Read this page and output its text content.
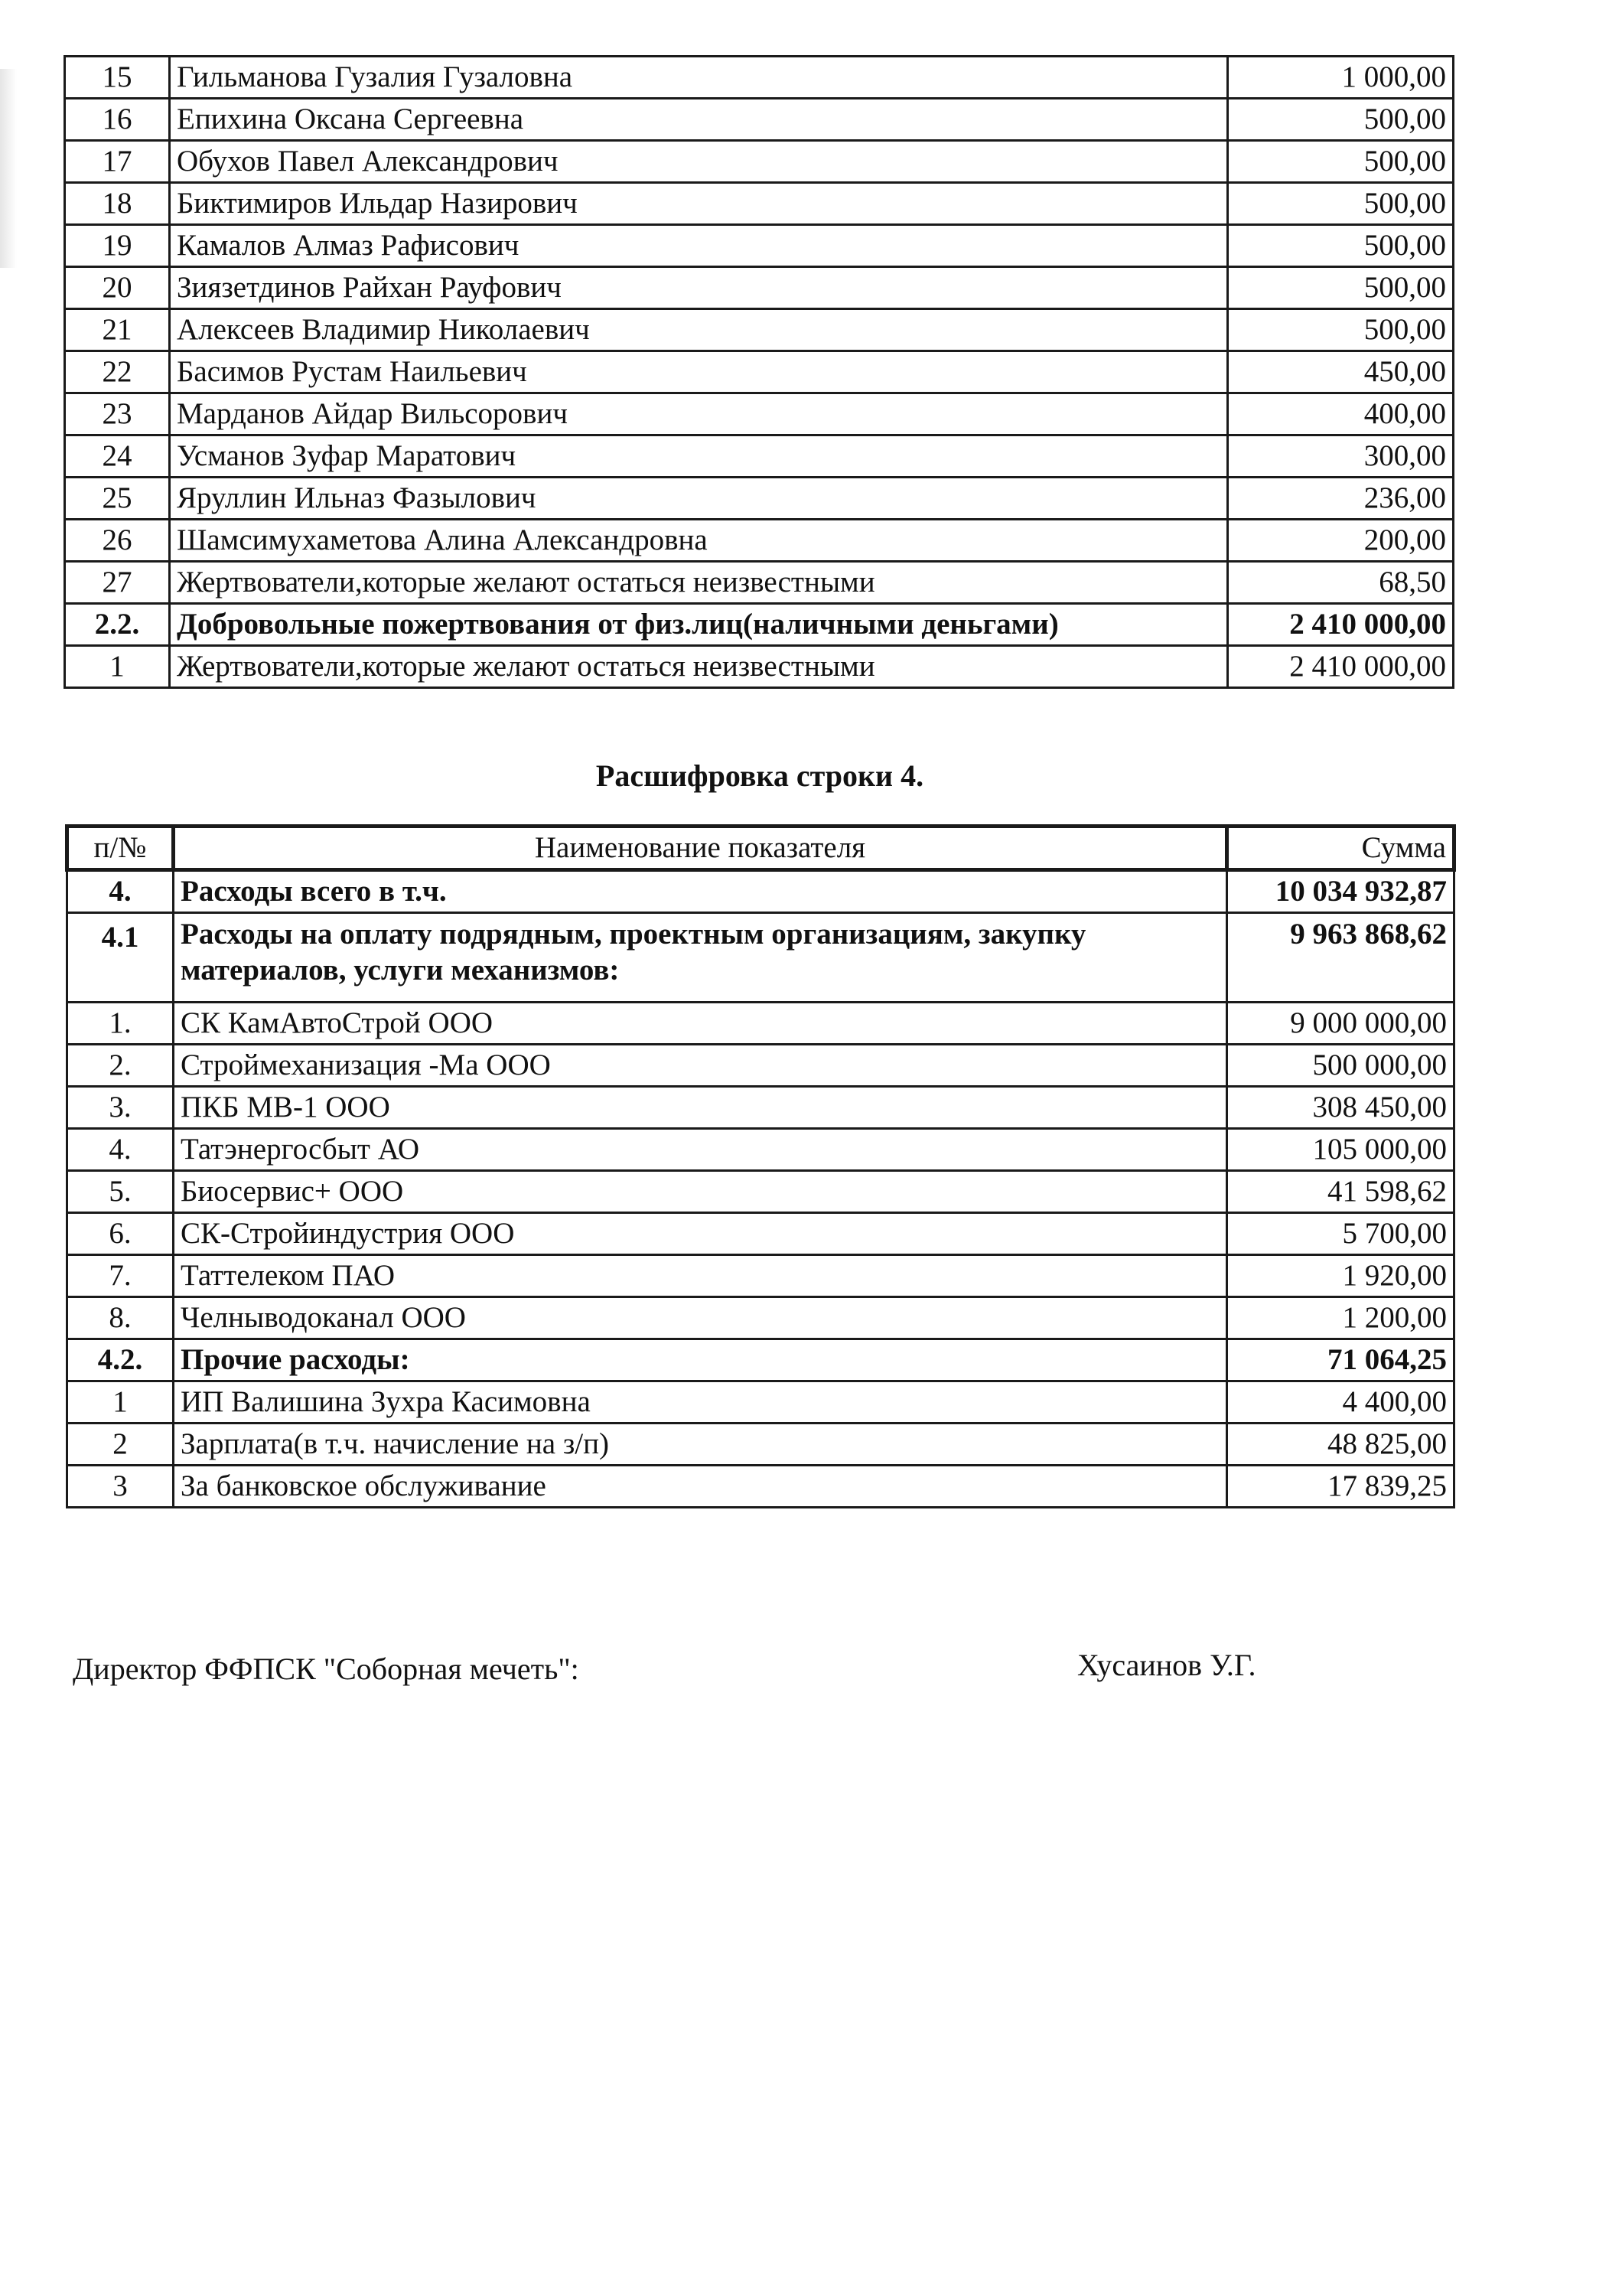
15	Гильманова Гузалия Гузаловна	1 000,00
16	Епихина Оксана Сергеевна	500,00
17	Обухов Павел Александрович	500,00
18	Биктимиров Ильдар Назирович	500,00
19	Камалов Алмаз Рафисович	500,00
20	Зиязетдинов Райхан Рауфович	500,00
21	Алексеев Владимир Николаевич	500,00
22	Басимов Рустам Наильевич	450,00
23	Марданов Айдар Вильсорович	400,00
24	Усманов Зуфар Маратович	300,00
25	Яруллин Ильназ Фазылович	236,00
26	Шамсимухаметова Алина Александровна	200,00
27	Жертвователи,которые желают остаться неизвестными	68,50
2.2.	Добровольные пожертвования от физ.лиц(наличными деньгами)	2 410 000,00
1	Жертвователи,которые желают остаться неизвестными	2 410 000,00
Расшифровка строки 4.
п/№	Наименование показателя	Сумма
4.	Расходы всего в т.ч.	10 034 932,87
4.1	Расходы на оплату подрядным, проектным организациям, закупку материалов, услуги механизмов:	9 963 868,62
1.	СК КамАвтоСтрой ООО	9 000 000,00
2.	Строймеханизация -Ма ООО	500 000,00
3.	ПКБ МВ-1 ООО	308 450,00
4.	Татэнергосбыт АО	105 000,00
5.	Биосервис+ ООО	41 598,62
6.	СК-Стройиндустрия ООО	5 700,00
7.	Таттелеком ПАО	1 920,00
8.	Челныводоканал ООО	1 200,00
4.2.	Прочие расходы:	71 064,25
1	ИП Валишина Зухра Касимовна	4 400,00
2	Зарплата(в т.ч. начисление на з/п)	48 825,00
3	За банковское обслуживание	17 839,25
Директор ФФПСК "Соборная мечеть":	Хусаинов У.Г.
